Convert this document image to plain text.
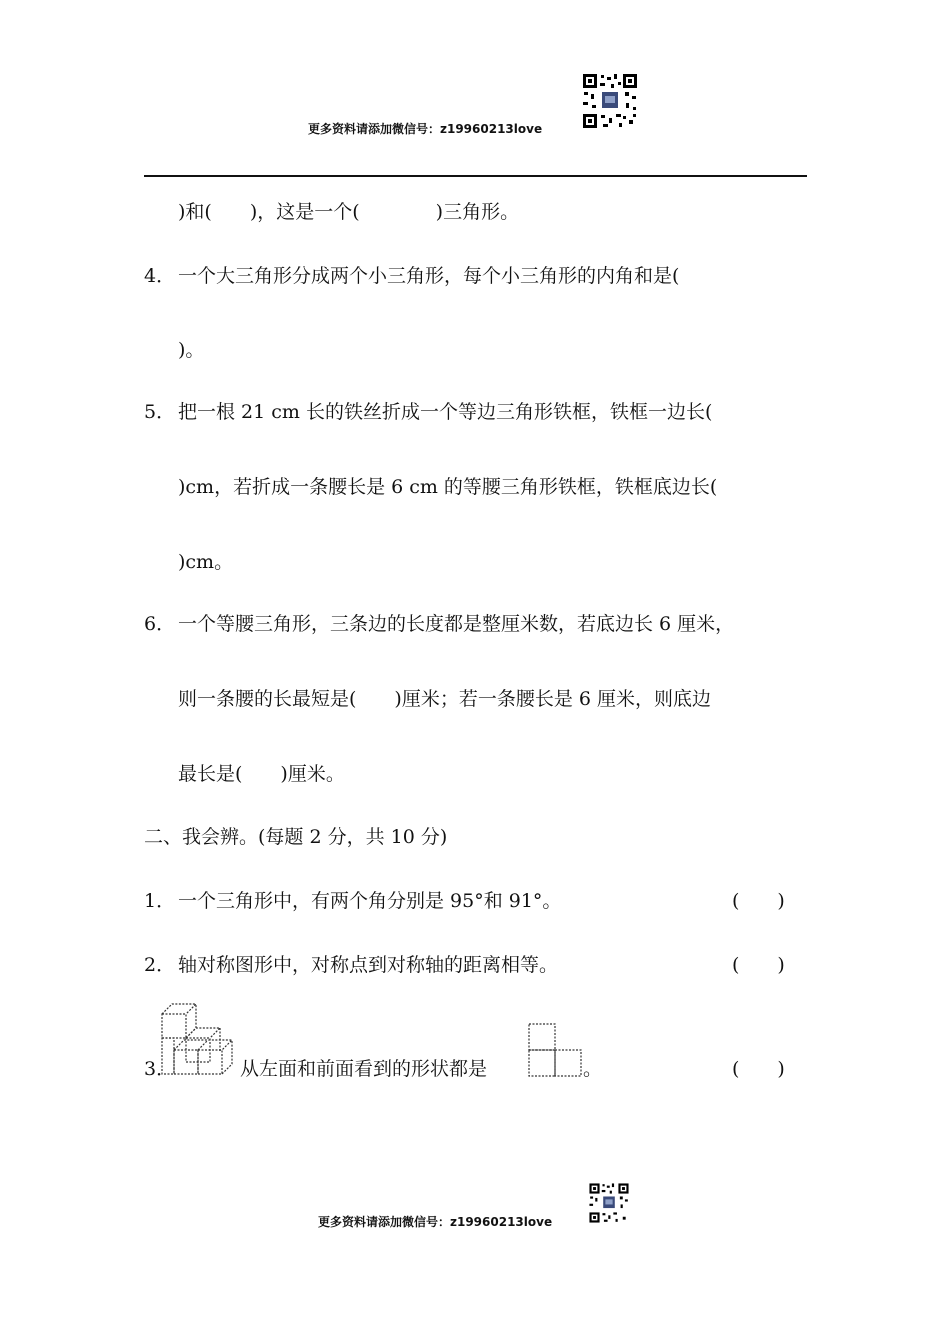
更多资料请添加微信号：z19960213love
)和(　　)，这是一个(　　　　)三角形。
4． 一个大三角形分成两个小三角形，每个小三角形的内角和是(
)。
5． 把一根 21 cm 长的铁丝折成一个等边三角形铁框，铁框一边长(
)cm，若折成一条腰长是 6 cm 的等腰三角形铁框，铁框底边长(
)cm。
6． 一个等腰三角形，三条边的长度都是整厘米数，若底边长 6 厘米，
则一条腰的长最短是(　　)厘米；若一条腰长是 6 厘米，则底边
最长是(　　)厘米。
二、我会辨。(每题 2 分，共 10 分)
1． 一个三角形中，有两个角分别是 95°和 91°。	(　　)
2． 轴对称图形中，对称点到对称轴的距离相等。	(　　)
3．	从左面和前面看到的形状都是	。	(　　)
更多资料请添加微信号：z19960213love
